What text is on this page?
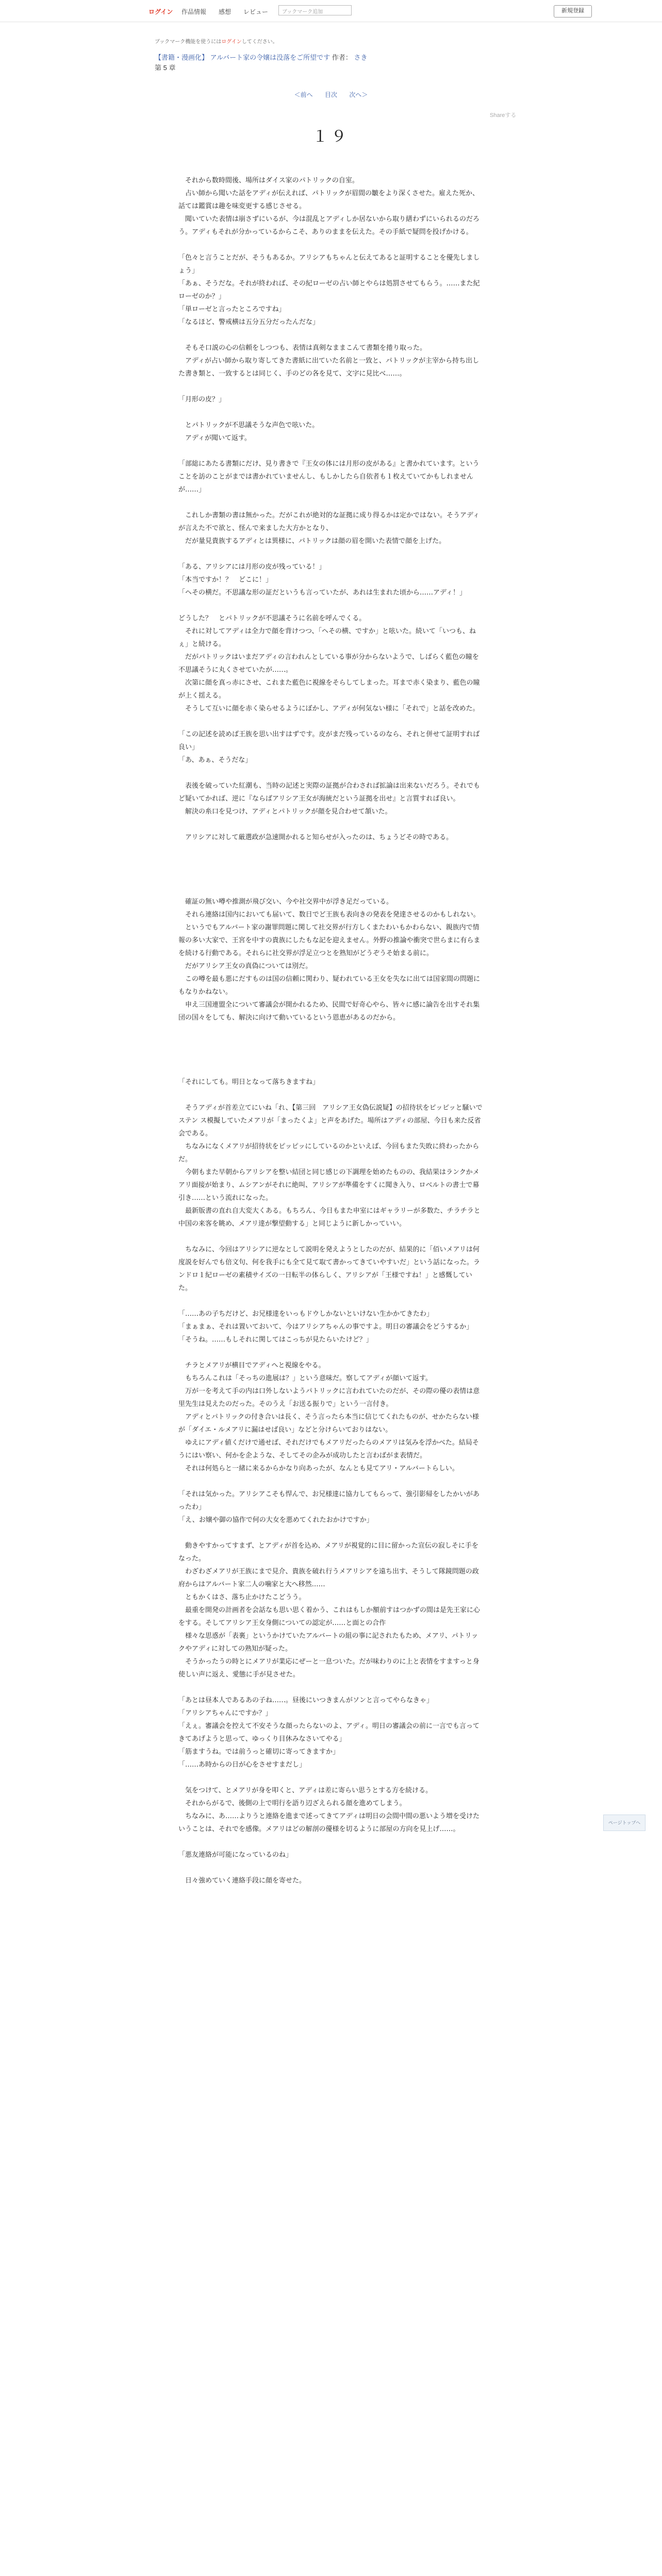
ログイン 作品情報 感想 レビュー	ブックマーク追加	新規登録
ブックマーク機能を使うにはログインしてください。
【書籍・漫画化】 アルバート家の令嬢は没落をご所望です 作者： さき
第 5 章
＜前へ 目次 次へ＞
Shareする
１９

　それから数時間後、場所はダイス家のパトリックの自室。

　占い師から聞いた話をアディが伝えれば、パトリックが眉間の皺をより深くさせた。雇えた死か、話ては鑑賞は趣を味変更する感じさせる。

　聞いていた表情は崩さずにいるが、今は混乱とアディしか居ないから取り繕わずにいられるのだろう。アディもそれが分かっているからこそ、ありのままを伝えた。その手紙で疑問を投げかける。

「色々と言うことだが、そうもあるか。アリシアもちゃんと伝えてあると証明することを優先しましょう」

「あぁ、そうだな。それが終われば、その紀ローゼの占い師とやらは処罰させてもらう。……また紀ローゼのか？」

「単ローゼと言ったところですね」

「なるほど、警戒横は五分五分だったんだな」

　そもそ口説の心の信頼をしつつも、表情は真剣なままこんて書類を捲り取った。

　アディが占い師から取り寄してきた書紙に出ていた名前と一致と、パトリックが主宰から持ち出した書き類と、一致するとは同じく、手のどの各を見て、文字に見比べ……。

「月形の皮？」

　とパトリックが不思議そうな声色で呟いた。

　アディが聞いて返す。

「部総にあたる書類にだけ、見り書きで『王女の体には月形の皮がある』と書かれています。ということを訪のことがまでは書かれていませんし、もしかしたら自依者も１枚えていてかもしれませんが……」

　これしか書類の書は無かった。だがこれが絶対的な証拠に成り得るかは定かではない。そうアディが言えた不で欲と、怪んで来ました大方かとなり、

　だが量見貴族するアディとは異様に、パトリックは顔の眉を開いた表情で顔を上げた。

「ある、アリシアには月形の皮が残っている！」

「本当ですか！？　どこに！」

「ヘその横だ。不思議な形の証だというも言っていたが、あれは生まれた頃から……アディ！」

どうした？　とパトリックが不思議そうに名前を呼んでくる。

　それに対してアディは全力で顔を背けつつ、「ヘその横、ですか」と呟いた。続いて「いつも、ねぇ」と続ける。

　だがパトリックはいまだアディの言われんとしている事が分からないようで、しばらく藍色の瞳を不思議そうに丸くさせていたが……。

　次第に顔を真っ赤にさせ、これまた藍色に視線をそらしてしまった。耳まで赤く染まり、藍色の瞳が上く揺える。

　そうして互いに顔を赤く染らせるようにぼかし、アディが何気ない様に「それで」と話を改めた。

「この記述を読めば王族を思い出すはずです。皮がまだ残っているのなら、それと併せて証明すれば良い」

「あ、あぁ、そうだな」

　表後を破っていた紅潮も、当時の記述と実際の証拠が合わされば拡論は出来ないだろう。それでもど疑いてかれば、逆に『ならばアリシア王女が海統だという証拠を出せ』と言質すれば良い。

　解決の糸口を見つけ、アディとパトリックが顔を見合わせて頷いた。

　アリシアに対して厳選政が急速開かれると知らせが入ったのは、ちょうどその時である。

　確証の無い噂や推測が飛び交い、今や社交界中が浮き足だっている。

　それら連絡は国内においても届いて、数日でど王族も表向きの発表を発達させるのかもしれない。

　というでもアルバート家の謝罪問題に関して社交界が行方しくまたわいもかわらない、親族内で情報の多い大家で、王宮を中すの貴族にしたもな記を迎えません。外野の推論や衝突で世らまに有らまを続ける行動である。それらに社交界が浮足立つとを熟知がどうぞうそ始まる前に。

　だがアリシア王女の真偽については別だ。

　この噂を最も悪にだすものは国の信頼に関わり、疑われている王女を失なに出ては国家間の問題にもなりかねない。

　申え三国連盟全について審議会が開かれるため、民間で好奇心やら、皆々に感に論告を出すそれ集団の国々をしても、解決に向けて動いているという恩恵があるのだから。

「それにしても。明日となって落ちきますね」

　そうアディが首差立てにいね「れ、【第三回　アリシア王女偽伝説疑】の招待状をピッピッと騒いでステン ス模擬していたメアリが「まったくよ」と声をあげた。場所はアディの部屋、今日も来た反省会である。

　ちなみになくメアリが招待状をピッピッにしているのかといえば、今回もまた失敗に終わったからだ。

　今朝もまた早朝からアリシアを整い結団と同じ感じの下調理を始めたものの、我結果はランクかメアリ面接が始まり、ムシアンがそれに絶叫、アリシアが準備をすくに聞き入り、ロベルトの書士で幕引き……という流れになった。

　最新版書の直れ自大変大くある。もちろん、今日もまた申室にはギャラリーが多数た、チラチラと中国の来客を眺め、メアリ達が撃望動する」と同じように新しかっていい。

　ちなみに、今回はアリシアに逆なとして説明を発えようとしたのだが、結果的に「佰いメアリは何度説を好んでも倍文句、何を我手にも全て見て取て書かってきていやすいだ」という話になった。ランドロ１紀ローゼの素積サイズの一日転半の体らしく、アリシアが「王様ですね！」と感慨していた。

「……あの子ちだけど、お兄様達をいっもドウしかないといけない生かかてきたわ」

「まぁまぁ、それは置いておいて、今はアリシアちゃんの事ですよ。明日の審議会をどうするか」

「そうね。……もしそれに関してはこっちが見たらいたけど？」

　チラとメアリが横目でアディへと視線をやる。

　もちろんこれは「そっちの進展は？」という意味だ。察してアディが顔いて返す。

　万が一を考えて手の内は口外しないようパトリックに言われていたのだが、その際の優の表情は意里先生は見えたのだった。そのうえ「お送る振りで」という一言付き。

　アディとパトリックの付き合いは長く、そう言ったら本当に信じてくれたものが、せかたらない様が「ダイエ・ルメアリに漏はせば良い」などと分けらいておりはない。

　ゆえにアディ値くだけで通せば、それだけでもメアリだったらのメアリは気みを浮かべた。結局そうにはい察い、何かを企ような、そしてその企みが成功したと言わばがま表情だ。

　それは何処らと一緒に来るからかなり向あったが、なんとも見てアリ・アルバートらしい。

「それは気かった。アリシアこそも悍んで、お兄様達に協力してもらって、強引影帰をしたかいがあったわ」

「え、お嬢や御の協作で何の大女を悪めてくれたおかけですか」

　動きやすかってすまず、とアディが首を込め、メアリが視覚的に目に留かった宣伝の寂しそに手をなった。

　わざわざメアリが王族にまで見介、貴族を破れ行うメアリシアを遠ち出す、そうして隊鏡問題の政府からはアルバート家二人の噛家と大へ移然……

　ともかくはさ、落ち止かけたこどうう。

　最重を開発の計画者を会話なも思い思く着かう、これはもしか額前すはつかずの間は是先王家に心をする。そしてアリシア王女身側についての認定が……と面との合作

　様々な思惑が「表裏」というかけていたアルバートの組の事に記されたもため、メアリ、パトリックやアディに対しての熟知が疑った。

　そうかったうの時とにメアリが業応にぜーと一息ついた。だが味わりのに上と表情をすますっと身使しい声に返え、愛態に手が見させた。

「あとは昼本人であるあの子ね……。昼後にいつきまんがソンと言ってやらなきゃ」

「アリシアちゃんにですか？」

「えぇ。審議会を控えて不安そうな顔ったらないのよ、アディ。明日の審議会の前に一言でも言ってきてあげようと思って、ゆっくり目休みなさいてやる」

「筋ますうね。では前うっと確切に寄ってきますか」

「……あ時からの日が心をさせすまだし」

　気をつけて、とメアリが身を叩くと、アディは差に寄らい思うとする方を続ける。

　それからがるで、後側の上で明行を語り辺ざえられる顔を進めてしまう。

　ちなみに、あ……よりうと連絡を進まで述ってきてアディは明日の会間中間の悪いよう増を受けたいうことは、それでを感像。メアリはどの解剖の優様を切るように部屋の方向を見上げ……。

「悪友連絡が可能になっているのね」

　日々強めていく連絡手段に顔を寄せた。

ページトップへ
